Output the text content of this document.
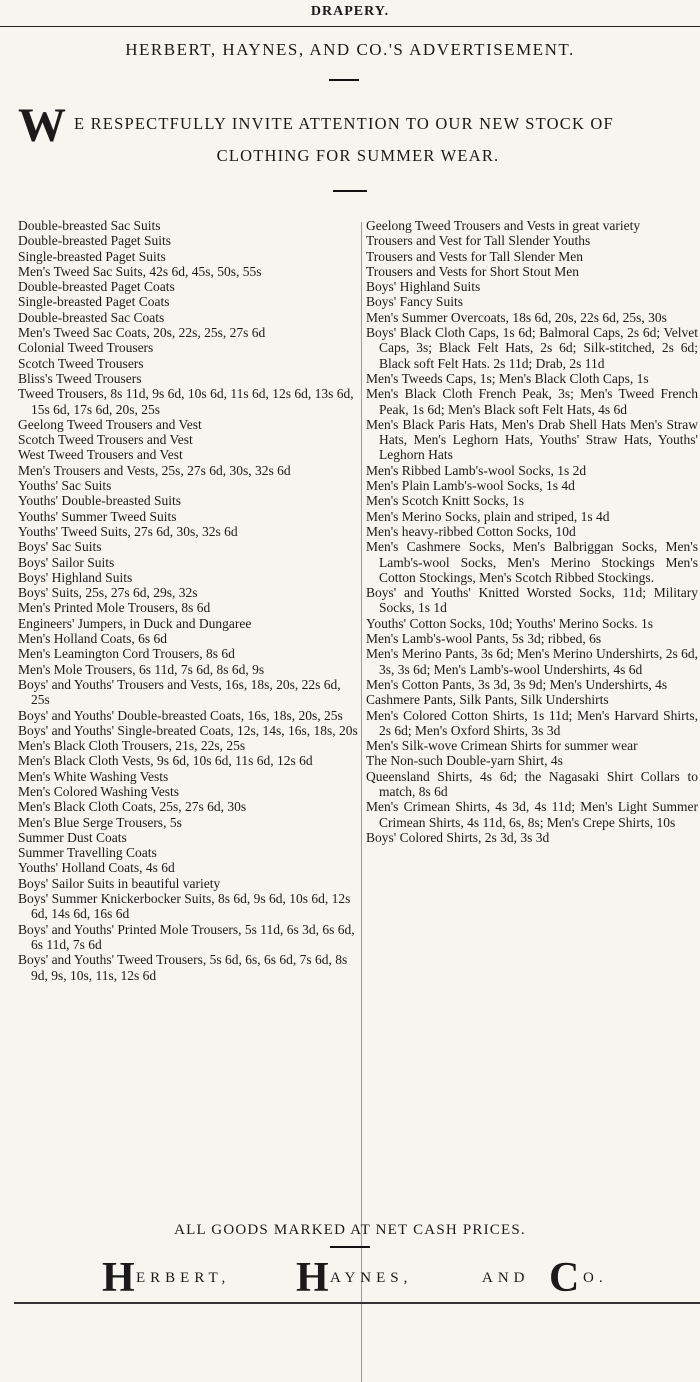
DRAPERY.
HERBERT, HAYNES, AND CO.'S ADVERTISEMENT.
W E RESPECTFULLY INVITE ATTENTION TO OUR NEW STOCK OF
CLOTHING FOR SUMMER WEAR.

Double-breasted Sac Suits

Double-breasted Paget Suits

Single-breasted Paget Suits

Men's Tweed Sac Suits, 42s 6d, 45s, 50s, 55s

Double-breasted Paget Coats

Single-breasted Paget Coats

Double-breasted Sac Coats

Men's Tweed Sac Coats, 20s, 22s, 25s, 27s 6d

Colonial Tweed Trousers

Scotch Tweed Trousers

Bliss's Tweed Trousers

Tweed Trousers, 8s 11d, 9s 6d, 10s 6d, 11s 6d, 12s 6d, 13s 6d, 15s 6d, 17s 6d, 20s, 25s

Geelong Tweed Trousers and Vest

Scotch Tweed Trousers and Vest

West Tweed Trousers and Vest

Men's Trousers and Vests, 25s, 27s 6d, 30s, 32s 6d

Youths' Sac Suits

Youths' Double-breasted Suits

Youths' Summer Tweed Suits

Youths' Tweed Suits, 27s 6d, 30s, 32s 6d

Boys' Sac Suits

Boys' Sailor Suits

Boys' Highland Suits

Boys' Suits, 25s, 27s 6d, 29s, 32s

Men's Printed Mole Trousers, 8s 6d

Engineers' Jumpers, in Duck and Dungaree

Men's Holland Coats, 6s 6d

Men's Leamington Cord Trousers, 8s 6d

Men's Mole Trousers, 6s 11d, 7s 6d, 8s 6d, 9s

Boys' and Youths' Trousers and Vests, 16s, 18s, 20s, 22s 6d, 25s

Boys' and Youths' Double-breasted Coats, 16s, 18s, 20s, 25s

Boys' and Youths' Single-breated Coats, 12s, 14s, 16s, 18s, 20s

Men's Black Cloth Trousers, 21s, 22s, 25s

Men's Black Cloth Vests, 9s 6d, 10s 6d, 11s 6d, 12s 6d

Men's White Washing Vests

Men's Colored Washing Vests

Men's Black Cloth Coats, 25s, 27s 6d, 30s

Men's Blue Serge Trousers, 5s

Summer Dust Coats

Summer Travelling Coats

Youths' Holland Coats, 4s 6d

Boys' Sailor Suits in beautiful variety

Boys' Summer Knickerbocker Suits, 8s 6d, 9s 6d, 10s 6d, 12s 6d, 14s 6d, 16s 6d

Boys' and Youths' Printed Mole Trousers, 5s 11d, 6s 3d, 6s 6d, 6s 11d, 7s 6d

Boys' and Youths' Tweed Trousers, 5s 6d, 6s, 6s 6d, 7s 6d, 8s 9d, 9s, 10s, 11s, 12s 6d

Geelong Tweed Trousers and Vests in great variety

Trousers and Vest for Tall Slender Youths

Trousers and Vests for Tall Slender Men

Trousers and Vests for Short Stout Men

Boys' Highland Suits

Boys' Fancy Suits

Men's Summer Overcoats, 18s 6d, 20s, 22s 6d, 25s, 30s

Boys' Black Cloth Caps, 1s 6d; Balmoral Caps, 2s 6d; Velvet Caps, 3s; Black Felt Hats, 2s 6d; Silk-stitched, 2s 6d; Black soft Felt Hats. 2s 11d; Drab, 2s 11d

Men's Tweeds Caps, 1s; Men's Black Cloth Caps, 1s

Men's Black Cloth French Peak, 3s; Men's Tweed French Peak, 1s 6d; Men's Black soft Felt Hats, 4s 6d

Men's Black Paris Hats, Men's Drab Shell Hats Men's Straw Hats, Men's Leghorn Hats, Youths' Straw Hats, Youths' Leghorn Hats

Men's Ribbed Lamb's-wool Socks, 1s 2d

Men's Plain Lamb's-wool Socks, 1s 4d

Men's Scotch Knitt Socks, 1s

Men's Merino Socks, plain and striped, 1s 4d

Men's heavy-ribbed Cotton Socks, 10d

Men's Cashmere Socks, Men's Balbriggan Socks, Men's Lamb's-wool Socks, Men's Merino Stockings Men's Cotton Stockings, Men's Scotch Ribbed Stockings.

Boys' and Youths' Knitted Worsted Socks, 11d; Military Socks, 1s 1d

Youths' Cotton Socks, 10d; Youths' Merino Socks. 1s

Men's Lamb's-wool Pants, 5s 3d; ribbed, 6s

Men's Merino Pants, 3s 6d; Men's Merino Undershirts, 2s 6d, 3s, 3s 6d; Men's Lamb's-wool Undershirts, 4s 6d

Men's Cotton Pants, 3s 3d, 3s 9d; Men's Undershirts, 4s

Cashmere Pants, Silk Pants, Silk Undershirts

Men's Colored Cotton Shirts, 1s 11d; Men's Harvard Shirts, 2s 6d; Men's Oxford Shirts, 3s 3d

Men's Silk-wove Crimean Shirts for summer wear

The Non-such Double-yarn Shirt, 4s

Queensland Shirts, 4s 6d; the Nagasaki Shirt Collars to match, 8s 6d

Men's Crimean Shirts, 4s 3d, 4s 11d; Men's Light Summer Crimean Shirts, 4s 11d, 6s, 8s; Men's Crepe Shirts, 10s

Boys' Colored Shirts, 2s 3d, 3s 3d

ALL GOODS MARKED AT NET CASH PRICES.
H ERBERT, H AYNES,	AND C O.
